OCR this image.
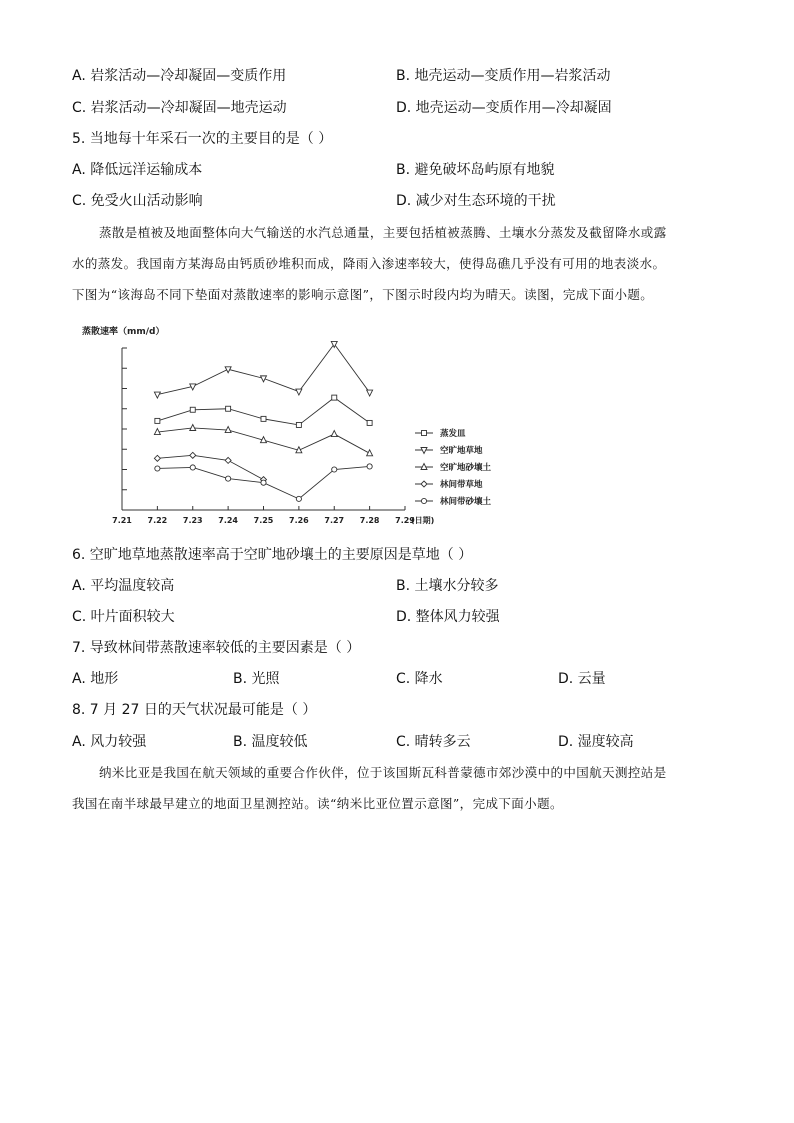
A. 岩浆活动—冷却凝固—变质作用	B. 地壳运动—变质作用—岩浆活动
C. 岩浆活动—冷却凝固—地壳运动	D. 地壳运动—变质作用—冷却凝固
5. 当地每十年采石一次的主要目的是（ ）
A. 降低远洋运输成本	B. 避免破坏岛屿原有地貌
C. 免受火山活动影响	D. 减少对生态环境的干扰

蒸散是植被及地面整体向大气输送的水汽总通量，主要包括植被蒸腾、土壤水分蒸发及截留降水或露

水的蒸发。我国南方某海岛由钙质砂堆积而成，降雨入渗速率较大，使得岛礁几乎没有可用的地表淡水。

下图为“该海岛不同下垫面对蒸散速率的影响示意图”，下图示时段内均为晴天。读图，完成下面小题。

蒸散速率（mm/d）
7.21 7.22 7.23 7.24 7.25 7.26 7.27 7.28 7.29
(日期)
蒸发皿
空旷地草地
空旷地砂壤土
林间带草地
林间带砂壤土
6. 空旷地草地蒸散速率高于空旷地砂壤土的主要原因是草地（ ）
A. 平均温度较高	B. 土壤水分较多
C. 叶片面积较大	D. 整体风力较强
7. 导致林间带蒸散速率较低的主要因素是（ ）
A. 地形	B. 光照	C. 降水	D. 云量
8. 7 月 27 日的天气状况最可能是（ ）
A. 风力较强	B. 温度较低	C. 晴转多云	D. 湿度较高

纳米比亚是我国在航天领域的重要合作伙伴，位于该国斯瓦科普蒙德市郊沙漠中的中国航天测控站是

我国在南半球最早建立的地面卫星测控站。读“纳米比亚位置示意图”，完成下面小题。
